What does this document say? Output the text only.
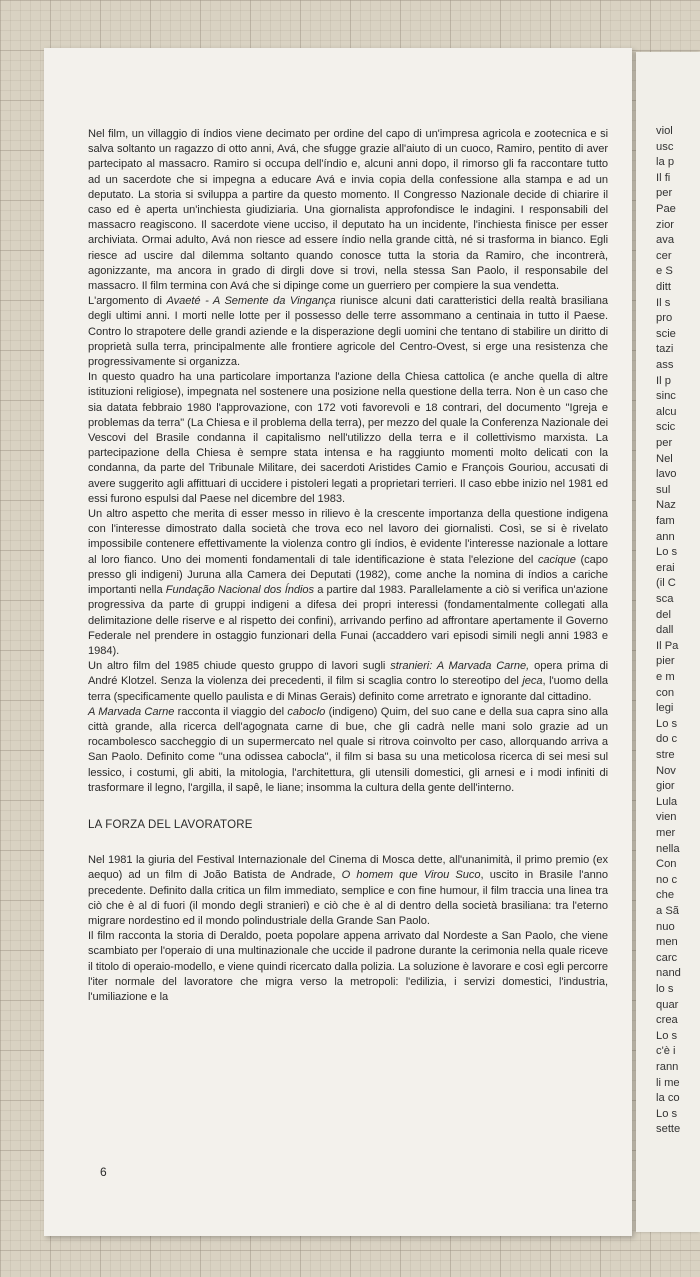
Nel film, un villaggio di índios viene decimato per ordine del capo di un'impresa agricola e zootecnica e si salva soltanto un ragazzo di otto anni, Avá, che sfugge grazie all'aiuto di un cuoco, Ramiro, pentito di aver partecipato al massacro. Ramiro si occupa dell'índio e, alcuni anni dopo, il rimorso gli fa raccontare tutto ad un sacerdote che si impegna a educare Avá e invia copia della confessione alla stampa e ad un deputato. La storia si sviluppa a partire da questo momento. Il Congresso Nazionale decide di chiarire il caso ed è aperta un'inchiesta giudiziaria. Una giornalista approfondisce le indagini. I responsabili del massacro reagiscono. Il sacerdote viene ucciso, il deputato ha un incidente, l'inchiesta finisce per esser archiviata. Ormai adulto, Avá non riesce ad essere índio nella grande città, né si trasforma in bianco. Egli riesce ad uscire dal dilemma soltanto quando conosce tutta la storia da Ramiro, che incontrerà, agonizzante, ma ancora in grado di dirgli dove si trovi, nella stessa San Paolo, il responsabile del massacro. Il film termina con Avá che si dipinge come un guerriero per compiere la sua vendetta.

L'argomento di Avaeté - A Semente da Vingança riunisce alcuni dati caratteristici della realtà brasiliana degli ultimi anni. I morti nelle lotte per il possesso delle terre assommano a centinaia in tutto il Paese. Contro lo strapotere delle grandi aziende e la disperazione degli uomini che tentano di stabilire un diritto di proprietà sulla terra, principalmente alle frontiere agricole del Centro-Ovest, si erge una resistenza che progressivamente si organizza.

In questo quadro ha una particolare importanza l'azione della Chiesa cattolica (e anche quella di altre istituzioni religiose), impegnata nel sostenere una posizione nella questione della terra. Non è un caso che sia datata febbraio 1980 l'approvazione, con 172 voti favorevoli e 18 contrari, del documento "Igreja e problemas da terra" (La Chiesa e il problema della terra), per mezzo del quale la Conferenza Nazionale dei Vescovi del Brasile condanna il capitalismo nell'utilizzo della terra e il collettivismo marxista. La partecipazione della Chiesa è sempre stata intensa e ha raggiunto momenti molto delicati con la condanna, da parte del Tribunale Militare, dei sacerdoti Aristides Camio e François Gouriou, accusati di avere suggerito agli affittuari di uccidere i pistoleri legati a proprietari terrieri. Il caso ebbe inizio nel 1981 ed essi furono espulsi dal Paese nel dicembre del 1983.

Un altro aspetto che merita di esser messo in rilievo è la crescente importanza della questione indigena con l'interesse dimostrato dalla società che trova eco nel lavoro dei giornalisti. Così, se si è rivelato impossibile contenere effettivamente la violenza contro gli índios, è evidente l'interesse nazionale a lottare al loro fianco. Uno dei momenti fondamentali di tale identificazione è stata l'elezione del cacique (capo presso gli indigeni) Juruna alla Camera dei Deputati (1982), come anche la nomina di índios a cariche importanti nella Fundação Nacional dos Índios a partire dal 1983. Parallelamente a ciò si verifica un'azione progressiva da parte di gruppi indigeni a difesa dei propri interessi (fondamentalmente collegati alla delimitazione delle riserve e al rispetto dei confini), arrivando perfino ad affrontare apertamente il Governo Federale nel prendere in ostaggio funzionari della Funai (accaddero vari episodi simili negli anni 1983 e 1984).

Un altro film del 1985 chiude questo gruppo di lavori sugli stranieri: A Marvada Carne, opera prima di André Klotzel. Senza la violenza dei precedenti, il film si scaglia contro lo stereotipo del jeca, l'uomo della terra (specificamente quello paulista e di Minas Gerais) definito come arretrato e ignorante dal cittadino.

A Marvada Carne racconta il viaggio del caboclo (indigeno) Quim, del suo cane e della sua capra sino alla città grande, alla ricerca dell'agognata carne di bue, che gli cadrà nelle mani solo grazie ad un rocambolesco saccheggio di un supermercato nel quale si ritrova coinvolto per caso, allorquando arriva a San Paolo. Definito come "una odissea cabocla", il film si basa su una meticolosa ricerca di sei mesi sul lessico, i costumi, gli abiti, la mitologia, l'architettura, gli utensili domestici, gli arnesi e i modi infiniti di trasformare il legno, l'argilla, il sapê, le liane; insomma la cultura della gente dell'interno.

LA FORZA DEL LAVORATORE

Nel 1981 la giuria del Festival Internazionale del Cinema di Mosca dette, all'unanimità, il primo premio (ex aequo) ad un film di João Batista de Andrade, O homem que Virou Suco, uscito in Brasile l'anno precedente. Definito dalla critica un film immediato, semplice e con fine humour, il film traccia una linea tra ciò che è al di fuori (il mondo degli stranieri) e ciò che è al di dentro della società brasiliana: tra l'eterno migrare nordestino ed il mondo polindustriale della Grande San Paolo.

Il film racconta la storia di Deraldo, poeta popolare appena arrivato dal Nordeste a San Paolo, che viene scambiato per l'operaio di una multinazionale che uccide il padrone durante la cerimonia nella quale riceve il titolo di operaio-modello, e viene quindi ricercato dalla polizia. La soluzione è lavorare e così egli percorre l'iter normale del lavoratore che migra verso la metropoli: l'edilizia, i servizi domestici, l'industria, l'umiliazione e la

6
viol
usc
la p
Il fi
per
Pae
zior
ava
cer
e S
ditt
Il s
pro
scie
tazi
ass
Il p
sinc
alcu
scic
per
Nel
lavo
sul
Naz
fam
ann
Lo s
erai
(il C
sca
del
dall
Il Pa
pier
e m
con
legi
Lo s
do c
stre
Nov
gior
Lula
vien
mer
nella
Con
no c
che
a Sã
nuo
men
carc
nand
lo s
quar
crea
Lo s
c'è i
rann
li me
la co
Lo s
sette
